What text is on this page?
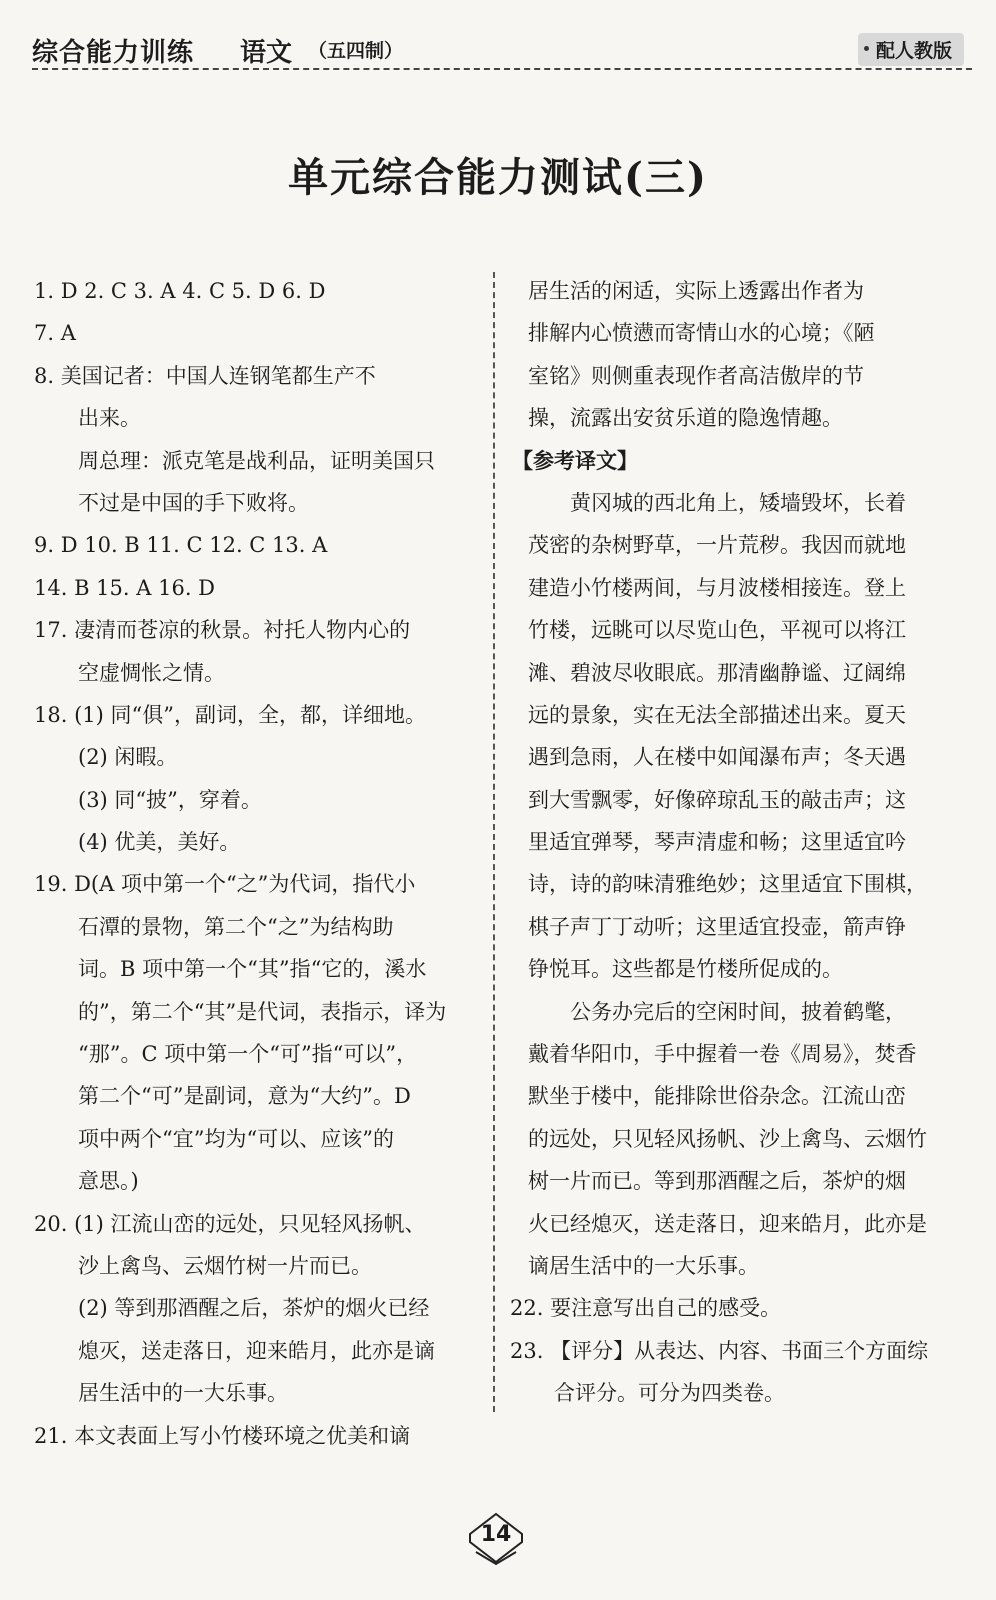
综合能力训练 语文 （五四制）	配人教版
单元综合能力测试(三)
1. D 2. C 3. A 4. C 5. D 6. D
7. A
8. 美国记者：中国人连钢笔都生产不
出来。
周总理：派克笔是战利品，证明美国只
不过是中国的手下败将。
9. D 10. B 11. C 12. C 13. A
14. B 15. A 16. D
17. 凄清而苍凉的秋景。衬托人物内心的
空虚惆怅之情。
18. (1) 同“俱”，副词，全，都，详细地。
(2) 闲暇。
(3) 同“披”，穿着。
(4) 优美，美好。
19. D(A 项中第一个“之”为代词，指代小
石潭的景物，第二个“之”为结构助
词。B 项中第一个“其”指“它的，溪水
的”，第二个“其”是代词，表指示，译为
“那”。C 项中第一个“可”指“可以”，
第二个“可”是副词，意为“大约”。D
项中两个“宜”均为“可以、应该”的
意思。)
20. (1) 江流山峦的远处，只见轻风扬帆、
沙上禽鸟、云烟竹树一片而已。
(2) 等到那酒醒之后，茶炉的烟火已经
熄灭，送走落日，迎来皓月，此亦是谪
居生活中的一大乐事。
21. 本文表面上写小竹楼环境之优美和谪
居生活的闲适，实际上透露出作者为
排解内心愤懑而寄情山水的心境；《陋
室铭》则侧重表现作者高洁傲岸的节
操，流露出安贫乐道的隐逸情趣。
【参考译文】
黄冈城的西北角上，矮墙毁坏，长着
茂密的杂树野草，一片荒秽。我因而就地
建造小竹楼两间，与月波楼相接连。登上
竹楼，远眺可以尽览山色，平视可以将江
滩、碧波尽收眼底。那清幽静谧、辽阔绵
远的景象，实在无法全部描述出来。夏天
遇到急雨，人在楼中如闻瀑布声；冬天遇
到大雪飘零，好像碎琼乱玉的敲击声；这
里适宜弹琴，琴声清虚和畅；这里适宜吟
诗，诗的韵味清雅绝妙；这里适宜下围棋，
棋子声丁丁动听；这里适宜投壶，箭声铮
铮悦耳。这些都是竹楼所促成的。
公务办完后的空闲时间，披着鹤氅，
戴着华阳巾，手中握着一卷《周易》，焚香
默坐于楼中，能排除世俗杂念。江流山峦
的远处，只见轻风扬帆、沙上禽鸟、云烟竹
树一片而已。等到那酒醒之后，茶炉的烟
火已经熄灭，送走落日，迎来皓月，此亦是
谪居生活中的一大乐事。
22. 要注意写出自己的感受。
23. 【评分】从表达、内容、书面三个方面综
合评分。可分为四类卷。
14
